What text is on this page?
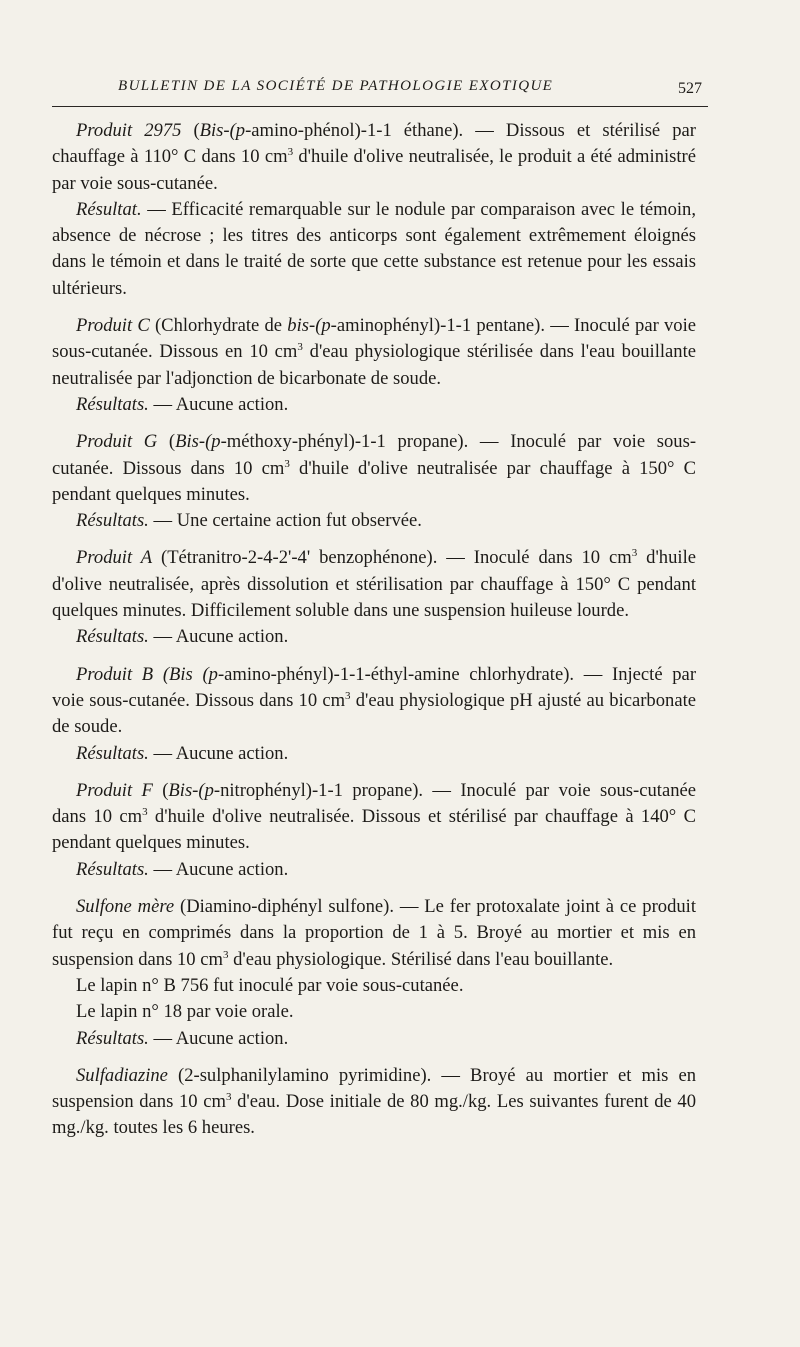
BULLETIN DE LA SOCIÉTÉ DE PATHOLOGIE EXOTIQUE	527

Produit 2975 (Bis-(p-amino-phénol)-1-1 éthane). — Dissous et stérilisé par chauffage à 110° C dans 10 $cm^3$ d'huile d'olive neutralisée, le produit a été administré par voie sous-cutanée.

Résultat. — Efficacité remarquable sur le nodule par comparaison avec le témoin, absence de nécrose ; les titres des anticorps sont également extrêmement éloignés dans le témoin et dans le traité de sorte que cette substance est retenue pour les essais ultérieurs.

Produit C (Chlorhydrate de bis-(p-aminophényl)-1-1 pentane). — Inoculé par voie sous-cutanée. Dissous en 10 $cm^3$ d'eau physiologique stérilisée dans l'eau bouillante neutralisée par l'adjonction de bicarbonate de soude.

Résultats. — Aucune action.

Produit G (Bis-(p-méthoxy-phényl)-1-1 propane). — Inoculé par voie sous-cutanée. Dissous dans 10 $cm^3$ d'huile d'olive neutralisée par chauffage à 150° C pendant quelques minutes.

Résultats. — Une certaine action fut observée.

Produit A (Tétranitro-2-4-2'-4' benzophénone). — Inoculé dans 10 $cm^3$ d'huile d'olive neutralisée, après dissolution et stérilisation par chauffage à 150° C pendant quelques minutes. Difficilement soluble dans une suspension huileuse lourde.

Résultats. — Aucune action.

Produit B (Bis (p-amino-phényl)-1-1-éthyl-amine chlorhydrate). — Injecté par voie sous-cutanée. Dissous dans 10 $cm^3$ d'eau physiologique pH ajusté au bicarbonate de soude.

Résultats. — Aucune action.

Produit F (Bis-(p-nitrophényl)-1-1 propane). — Inoculé par voie sous-cutanée dans 10 $cm^3$ d'huile d'olive neutralisée. Dissous et stérilisé par chauffage à 140° C pendant quelques minutes.

Résultats. — Aucune action.

Sulfone mère (Diamino-diphényl sulfone). — Le fer protoxalate joint à ce produit fut reçu en comprimés dans la proportion de 1 à 5. Broyé au mortier et mis en suspension dans 10 $cm^3$ d'eau physiologique. Stérilisé dans l'eau bouillante.

Le lapin n° B 756 fut inoculé par voie sous-cutanée.

Le lapin n° 18 par voie orale.

Résultats. — Aucune action.

Sulfadiazine (2-sulphanilylamino pyrimidine). — Broyé au mortier et mis en suspension dans 10 $cm^3$ d'eau. Dose initiale de 80 mg./kg. Les suivantes furent de 40 mg./kg. toutes les 6 heures.
